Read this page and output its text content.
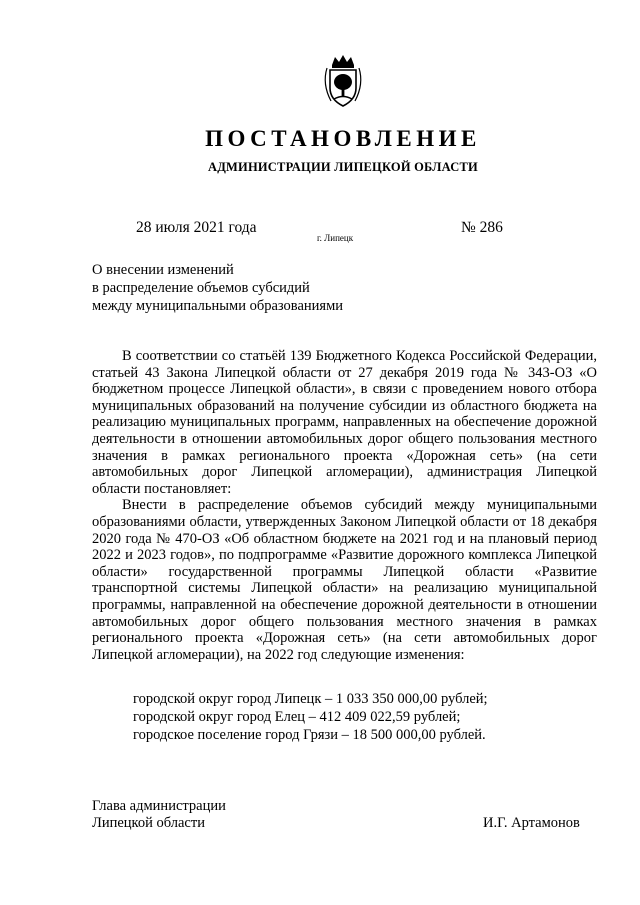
ПОСТАНОВЛЕНИЕ
АДМИНИСТРАЦИИ ЛИПЕЦКОЙ ОБЛАСТИ
28 июля 2021 года
г. Липецк
№ 286
О внесении изменений
в распределение объемов субсидий
между муниципальными образованиями

В соответствии со статьёй 139 Бюджетного Кодекса Российской Федерации, статьей 43 Закона Липецкой области от 27 декабря 2019 года № 343-ОЗ «О бюджетном процессе Липецкой области», в связи с проведением нового отбора муниципальных образований на получение субсидии из областного бюджета на реализацию муниципальных программ, направленных на обеспечение дорожной деятельности в отношении автомобильных дорог общего пользования местного значения в рамках регионального проекта «Дорожная сеть» (на сети автомобильных дорог Липецкой агломерации), администрация Липецкой области постановляет:

Внести в распределение объемов субсидий между муниципальными образованиями области, утвержденных Законом Липецкой области от 18 декабря 2020 года № 470-ОЗ «Об областном бюджете на 2021 год и на плановый период 2022 и 2023 годов», по подпрограмме «Развитие дорожного комплекса Липецкой области» государственной программы Липецкой области «Развитие транспортной системы Липецкой области» на реализацию муниципальной программы, направленной на обеспечение дорожной деятельности в отношении автомобильных дорог общего пользования местного значения в рамках регионального проекта «Дорожная сеть» (на сети автомобильных дорог Липецкой агломерации), на 2022 год следующие изменения:

городской округ город Липецк – 1 033 350 000,00 рублей;
городской округ город Елец – 412 409 022,59 рублей;
городское поселение город Грязи – 18 500 000,00 рублей.
Глава администрации
Липецкой области	И.Г. Артамонов
